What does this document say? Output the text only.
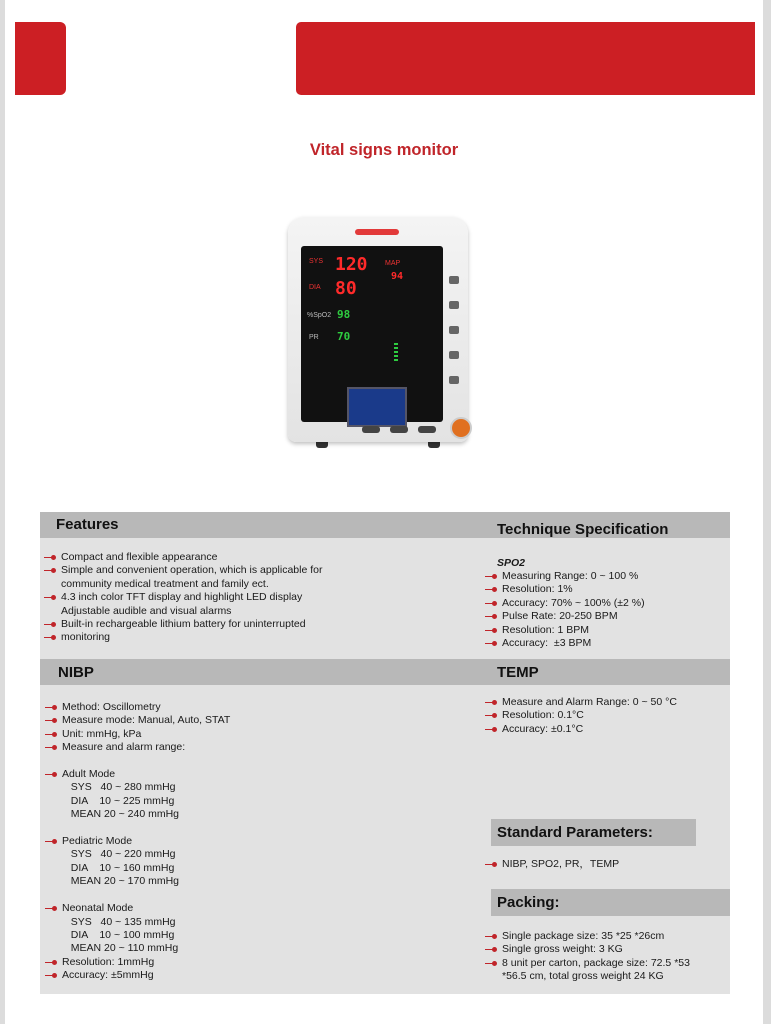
Vital signs monitor
SYS 120 MAP
94
DIA 80
%SpO2 98
PR 70
Features	Technique Specification
Compact and flexible appearance
Simple and convenient operation, which is applicable for
community medical treatment and family ect.
4.3 inch color TFT display and highlight LED display
Adjustable audible and visual alarms
Built-in rechargeable lithium battery for uninterrupted
monitoring
SPO2
Measuring Range: 0 ~ 100 %
Resolution: 1%
Accuracy: 70% ~ 100% (±2 %)
Pulse Rate: 20-250 BPM
Resolution: 1 BPM
Accuracy:  ±3 BPM
NIBP	TEMP
Method: Oscillometry
Measure mode: Manual, Auto, STAT
Unit: mmHg, kPa
Measure and alarm range:

Adult Mode
SYS   40 ~ 280 mmHg
DIA    10 ~ 225 mmHg
MEAN 20 ~ 240 mmHg

Pediatric Mode
SYS   40 ~ 220 mmHg
DIA    10 ~ 160 mmHg
MEAN 20 ~ 170 mmHg

Neonatal Mode
SYS   40 ~ 135 mmHg
DIA    10 ~ 100 mmHg
MEAN 20 ~ 110 mmHg
Resolution: 1mmHg
Accuracy: ±5mmHg
Measure and Alarm Range: 0 ~ 50 °C
Resolution: 0.1°C
Accuracy: ±0.1°C
Standard Parameters:
NIBP, SPO2, PR，TEMP
Packing:
Single package size: 35 *25 *26cm
Single gross weight: 3 KG
8 unit per carton, package size: 72.5 *53
*56.5 cm, total gross weight 24 KG
